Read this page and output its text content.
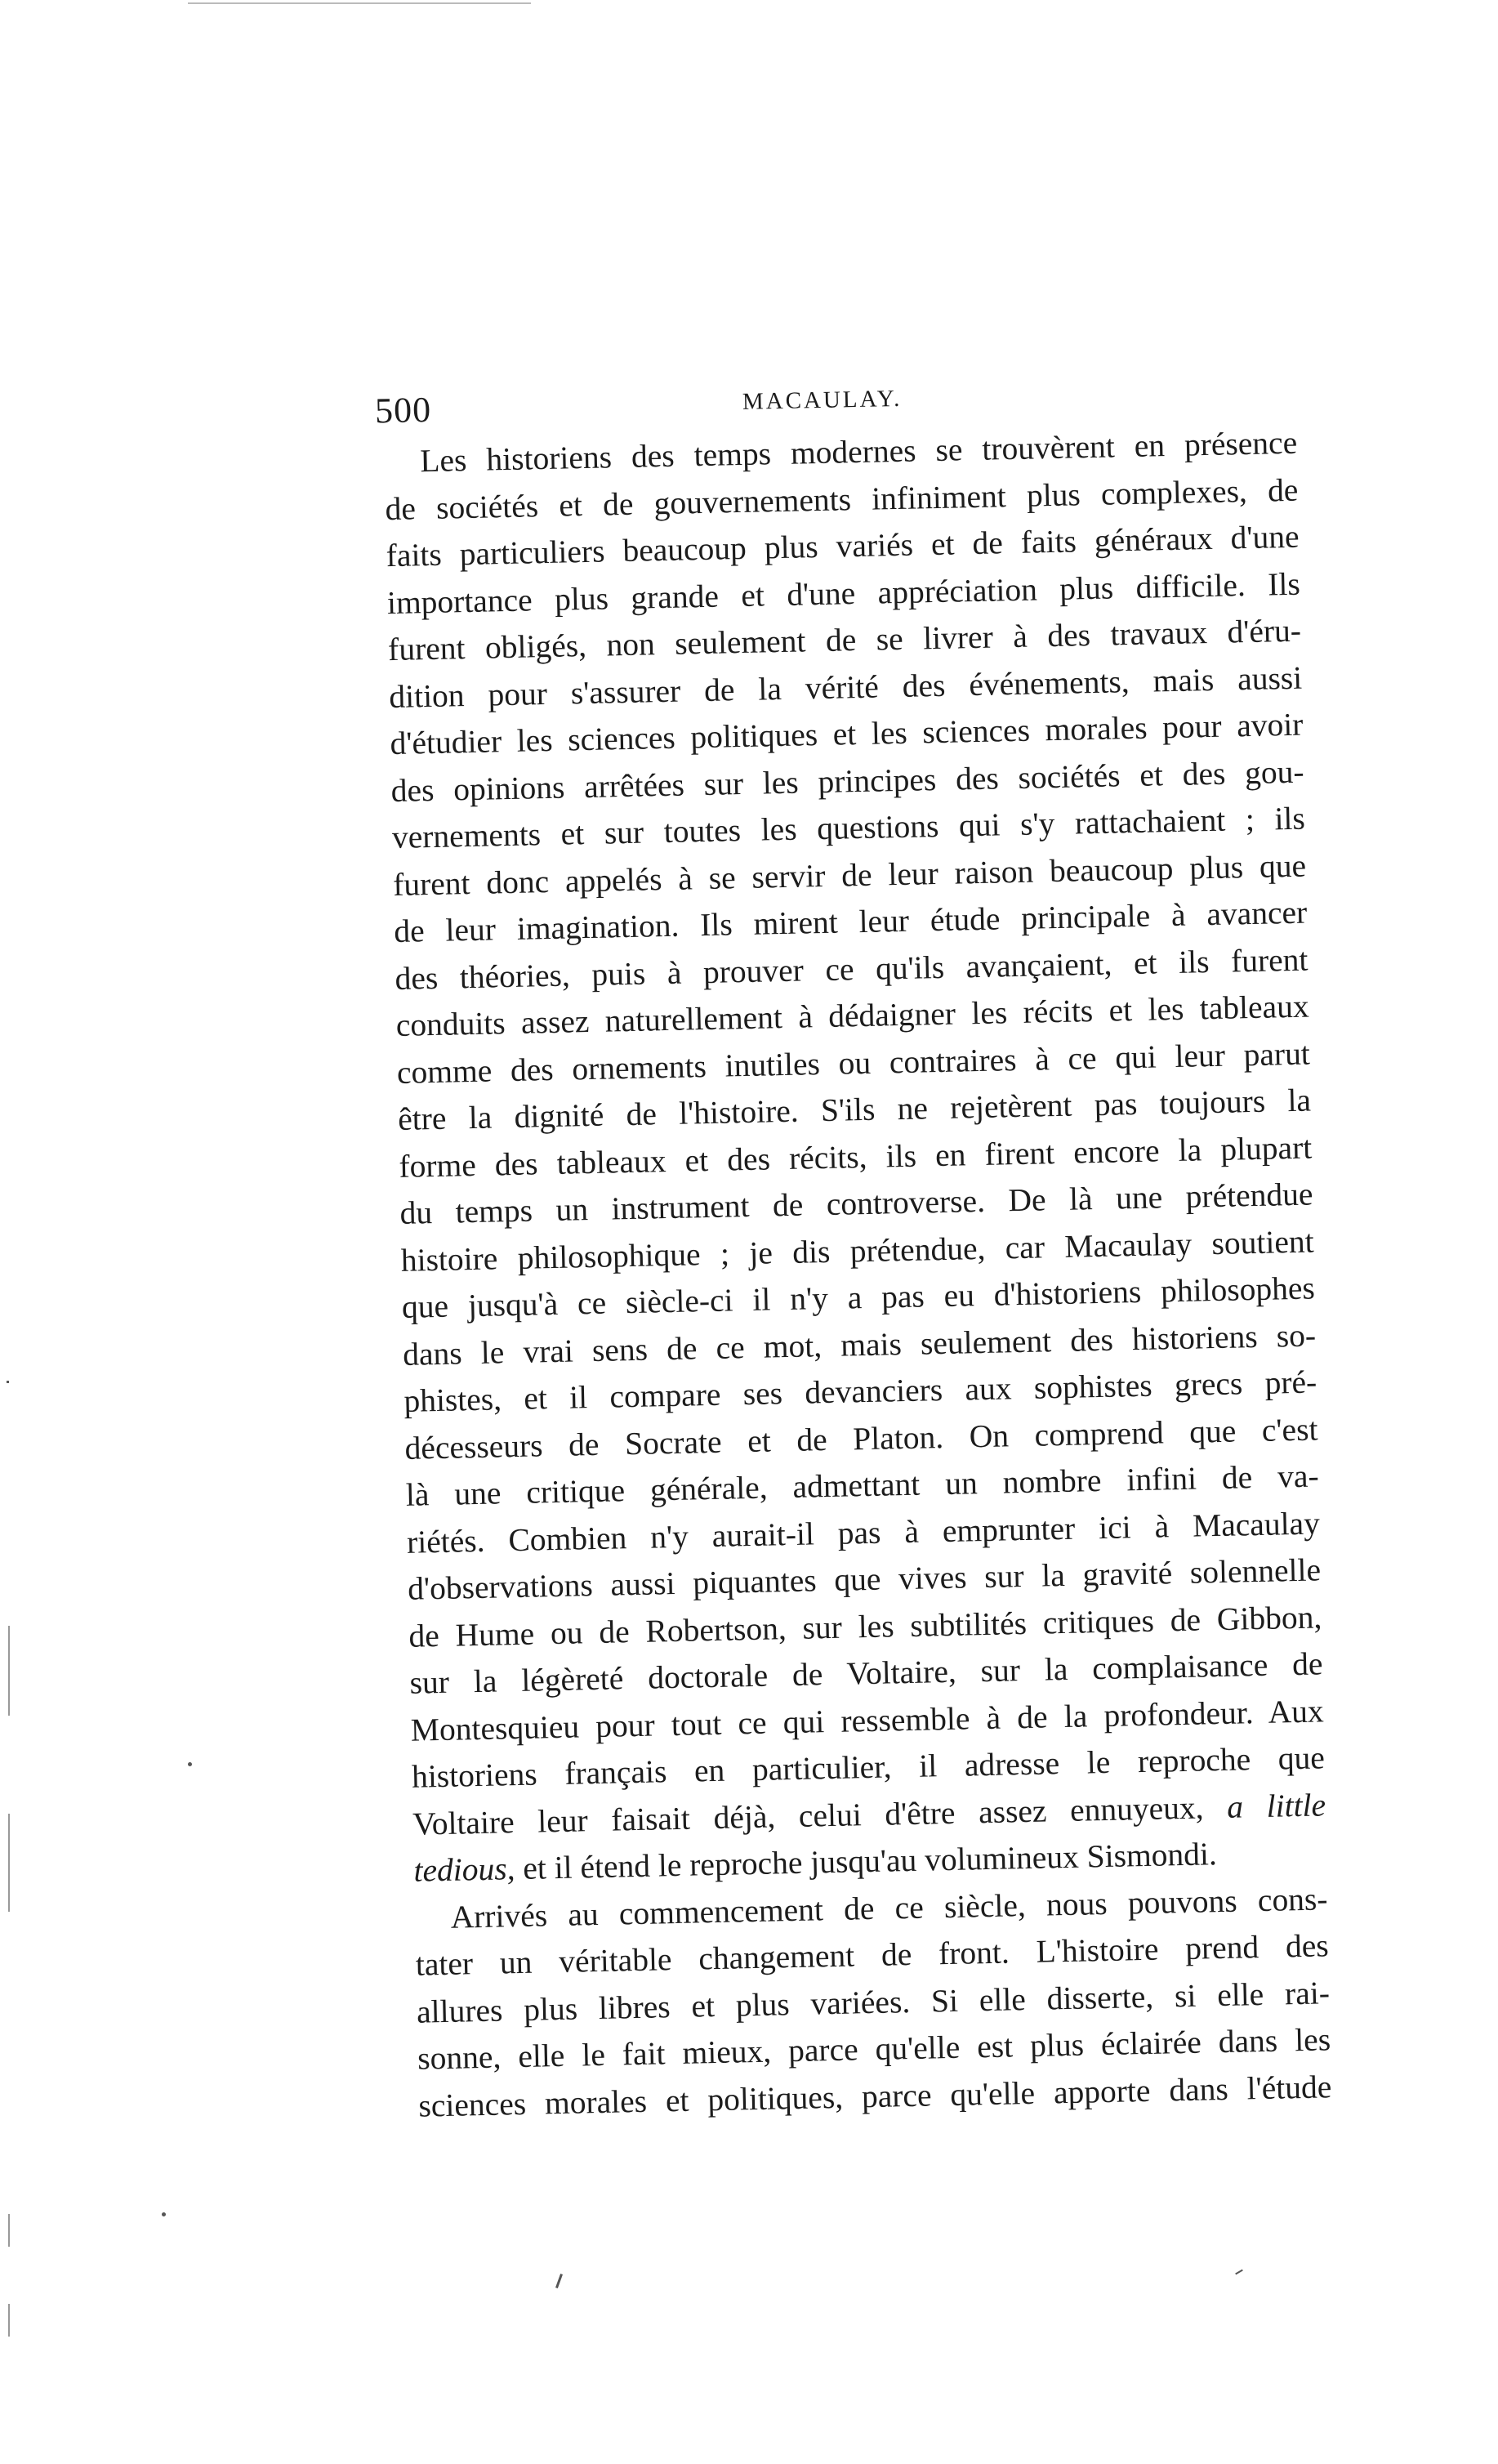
500	MACAULAY.
Les historiens des temps modernes se trouvèrent en présence
de sociétés et de gouvernements infiniment plus complexes, de
faits particuliers beaucoup plus variés et de faits généraux d'une
importance plus grande et d'une appréciation plus difficile. Ils
furent obligés, non seulement de se livrer à des travaux d'éru-
dition pour s'assurer de la vérité des événements, mais aussi
d'étudier les sciences politiques et les sciences morales pour avoir
des opinions arrêtées sur les principes des sociétés et des gou-
vernements et sur toutes les questions qui s'y rattachaient ; ils
furent donc appelés à se servir de leur raison beaucoup plus que
de leur imagination. Ils mirent leur étude principale à avancer
des théories, puis à prouver ce qu'ils avançaient, et ils furent
conduits assez naturellement à dédaigner les récits et les tableaux
comme des ornements inutiles ou contraires à ce qui leur parut
être la dignité de l'histoire. S'ils ne rejetèrent pas toujours la
forme des tableaux et des récits, ils en firent encore la plupart
du temps un instrument de controverse. De là une prétendue
histoire philosophique ; je dis prétendue, car Macaulay soutient
que jusqu'à ce siècle-ci il n'y a pas eu d'historiens philosophes
dans le vrai sens de ce mot, mais seulement des historiens so-
phistes, et il compare ses devanciers aux sophistes grecs pré-
décesseurs de Socrate et de Platon. On comprend que c'est
là une critique générale, admettant un nombre infini de va-
riétés. Combien n'y aurait-il pas à emprunter ici à Macaulay
d'observations aussi piquantes que vives sur la gravité solennelle
de Hume ou de Robertson, sur les subtilités critiques de Gibbon,
sur la légèreté doctorale de Voltaire, sur la complaisance de
Montesquieu pour tout ce qui ressemble à de la profondeur. Aux
historiens français en particulier, il adresse le reproche que
Voltaire leur faisait déjà, celui d'être assez ennuyeux, a little
tedious, et il étend le reproche jusqu'au volumineux Sismondi.
Arrivés au commencement de ce siècle, nous pouvons cons-
tater un véritable changement de front. L'histoire prend des
allures plus libres et plus variées. Si elle disserte, si elle rai-
sonne, elle le fait mieux, parce qu'elle est plus éclairée dans les
sciences morales et politiques, parce qu'elle apporte dans l'étude
